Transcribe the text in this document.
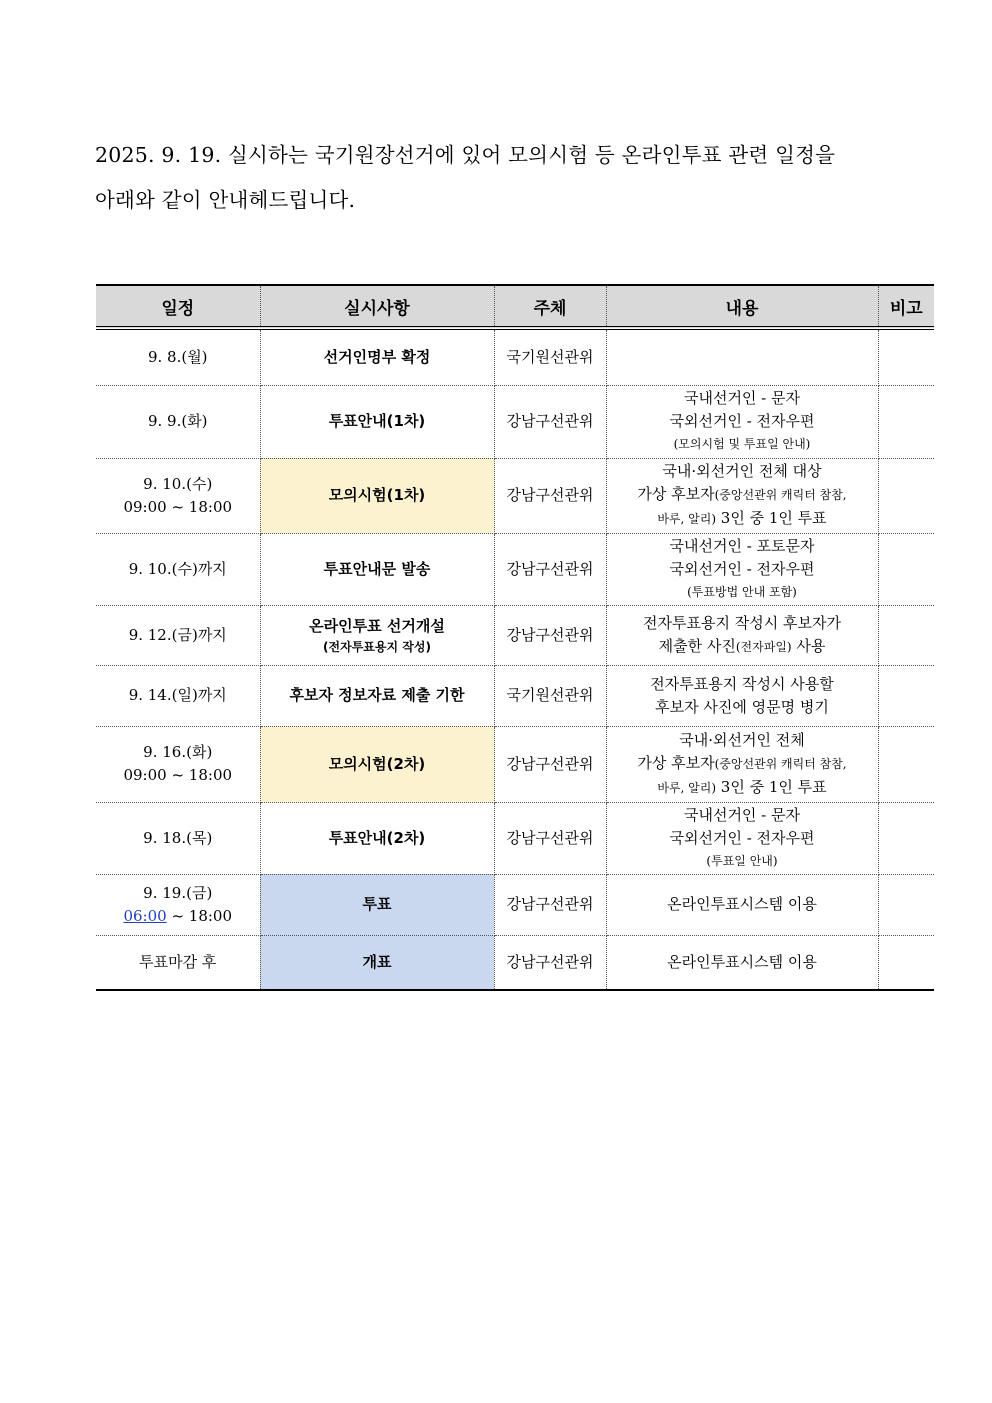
2025. 9. 19. 실시하는 국기원장선거에 있어 모의시험 등 온라인투표 관련 일정을
아래와 같이 안내헤드립니다.
일정	실시사항	주체	내용	비고

9. 8.(월)	선거인명부 확정	국기원선관위		

9. 9.(화)	투표안내(1차)	강남구선관위	국내선거인 - 문자
국외선거인 - 전자우편
(모의시험 및 투표일 안내)	

9. 10.(수)
09:00 ~ 18:00	모의시험(1차)	강남구선관위	국내·외선거인 전체 대상
가상 후보자(중앙선관위 캐릭터 참참,
바루, 알리) 3인 중 1인 투표	

9. 10.(수)까지	투표안내문 발송	강남구선관위	국내선거인 - 포토문자
국외선거인 - 전자우편
(투표방법 안내 포함)	

9. 12.(금)까지	온라인투표 선거개설
(전자투표용지 작성)	강남구선관위	전자투표용지 작성시 후보자가
제출한 사진(전자파일) 사용	

9. 14.(일)까지	후보자 정보자료 제출 기한	국기원선관위	전자투표용지 작성시 사용할
후보자 사진에 영문명 병기	

9. 16.(화)
09:00 ~ 18:00	모의시험(2차)	강남구선관위	국내·외선거인 전체
가상 후보자(중앙선관위 캐릭터 참참,
바루, 알리) 3인 중 1인 투표	

9. 18.(목)	투표안내(2차)	강남구선관위	국내선거인 - 문자
국외선거인 - 전자우편
(투표일 안내)	

9. 19.(금)
06:00 ~ 18:00	투표	강남구선관위	온라인투표시스템 이용	

투표마감 후	개표	강남구선관위	온라인투표시스템 이용	
